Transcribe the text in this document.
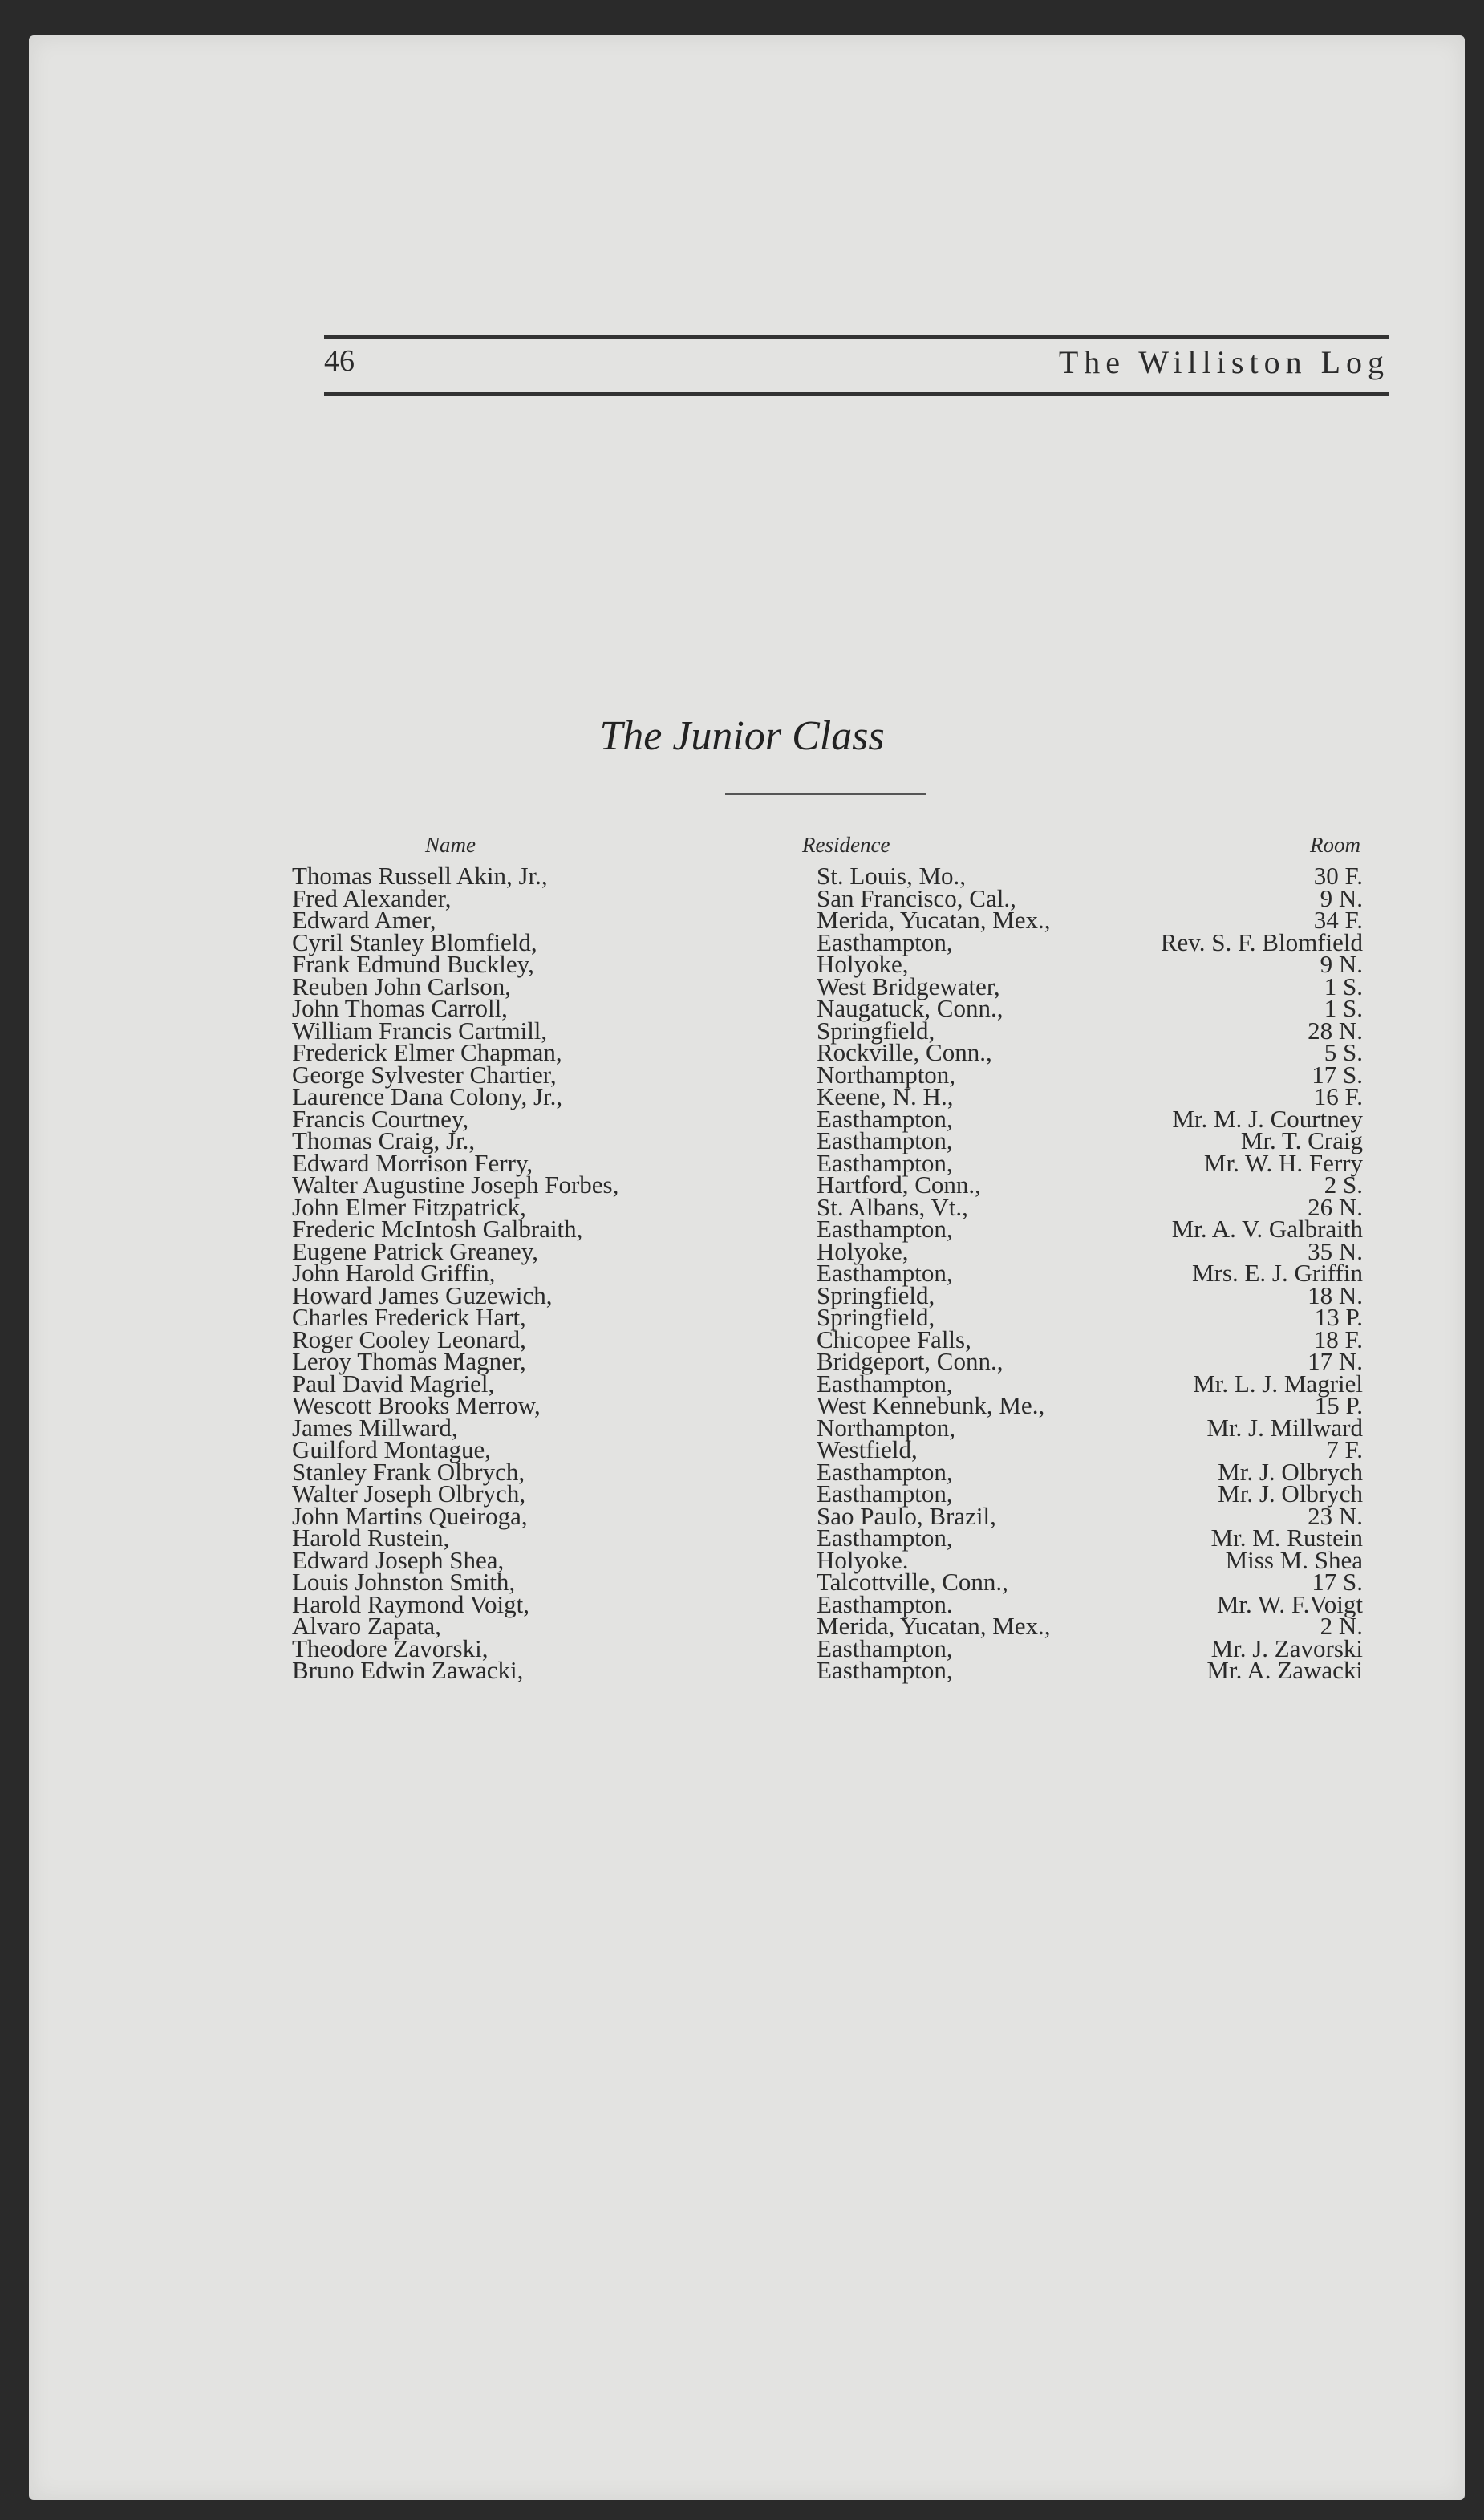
46	The Williston Log
The Junior Class
Name	Residence	Room
Thomas Russell Akin, Jr.,	St. Louis, Mo.,	30 F.
Fred Alexander,	San Francisco, Cal.,	9 N.
Edward Amer,	Merida, Yucatan, Mex.,	34 F.
Cyril Stanley Blomfield,	Easthampton,	Rev. S. F. Blomfield
Frank Edmund Buckley,	Holyoke,	9 N.
Reuben John Carlson,	West Bridgewater,	1 S.
John Thomas Carroll,	Naugatuck, Conn.,	1 S.
William Francis Cartmill,	Springfield,	28 N.
Frederick Elmer Chapman,	Rockville, Conn.,	5 S.
George Sylvester Chartier,	Northampton,	17 S.
Laurence Dana Colony, Jr.,	Keene, N. H.,	16 F.
Francis Courtney,	Easthampton,	Mr. M. J. Courtney
Thomas Craig, Jr.,	Easthampton,	Mr. T. Craig
Edward Morrison Ferry,	Easthampton,	Mr. W. H. Ferry
Walter Augustine Joseph Forbes,	Hartford, Conn.,	2 S.
John Elmer Fitzpatrick,	St. Albans, Vt.,	26 N.
Frederic McIntosh Galbraith,	Easthampton,	Mr. A. V. Galbraith
Eugene Patrick Greaney,	Holyoke,	35 N.
John Harold Griffin,	Easthampton,	Mrs. E. J. Griffin
Howard James Guzewich,	Springfield,	18 N.
Charles Frederick Hart,	Springfield,	13 P.
Roger Cooley Leonard,	Chicopee Falls,	18 F.
Leroy Thomas Magner,	Bridgeport, Conn.,	17 N.
Paul David Magriel,	Easthampton,	Mr. L. J. Magriel
Wescott Brooks Merrow,	West Kennebunk, Me.,	15 P.
James Millward,	Northampton,	Mr. J. Millward
Guilford Montague,	Westfield,	7 F.
Stanley Frank Olbrych,	Easthampton,	Mr. J. Olbrych
Walter Joseph Olbrych,	Easthampton,	Mr. J. Olbrych
John Martins Queiroga,	Sao Paulo, Brazil,	23 N.
Harold Rustein,	Easthampton,	Mr. M. Rustein
Edward Joseph Shea,	Holyoke.	Miss M. Shea
Louis Johnston Smith,	Talcottville, Conn.,	17 S.
Harold Raymond Voigt,	Easthampton.	Mr. W. F.Voigt
Alvaro Zapata,	Merida, Yucatan, Mex.,	2 N.
Theodore Zavorski,	Easthampton,	Mr. J. Zavorski
Bruno Edwin Zawacki,	Easthampton,	Mr. A. Zawacki
